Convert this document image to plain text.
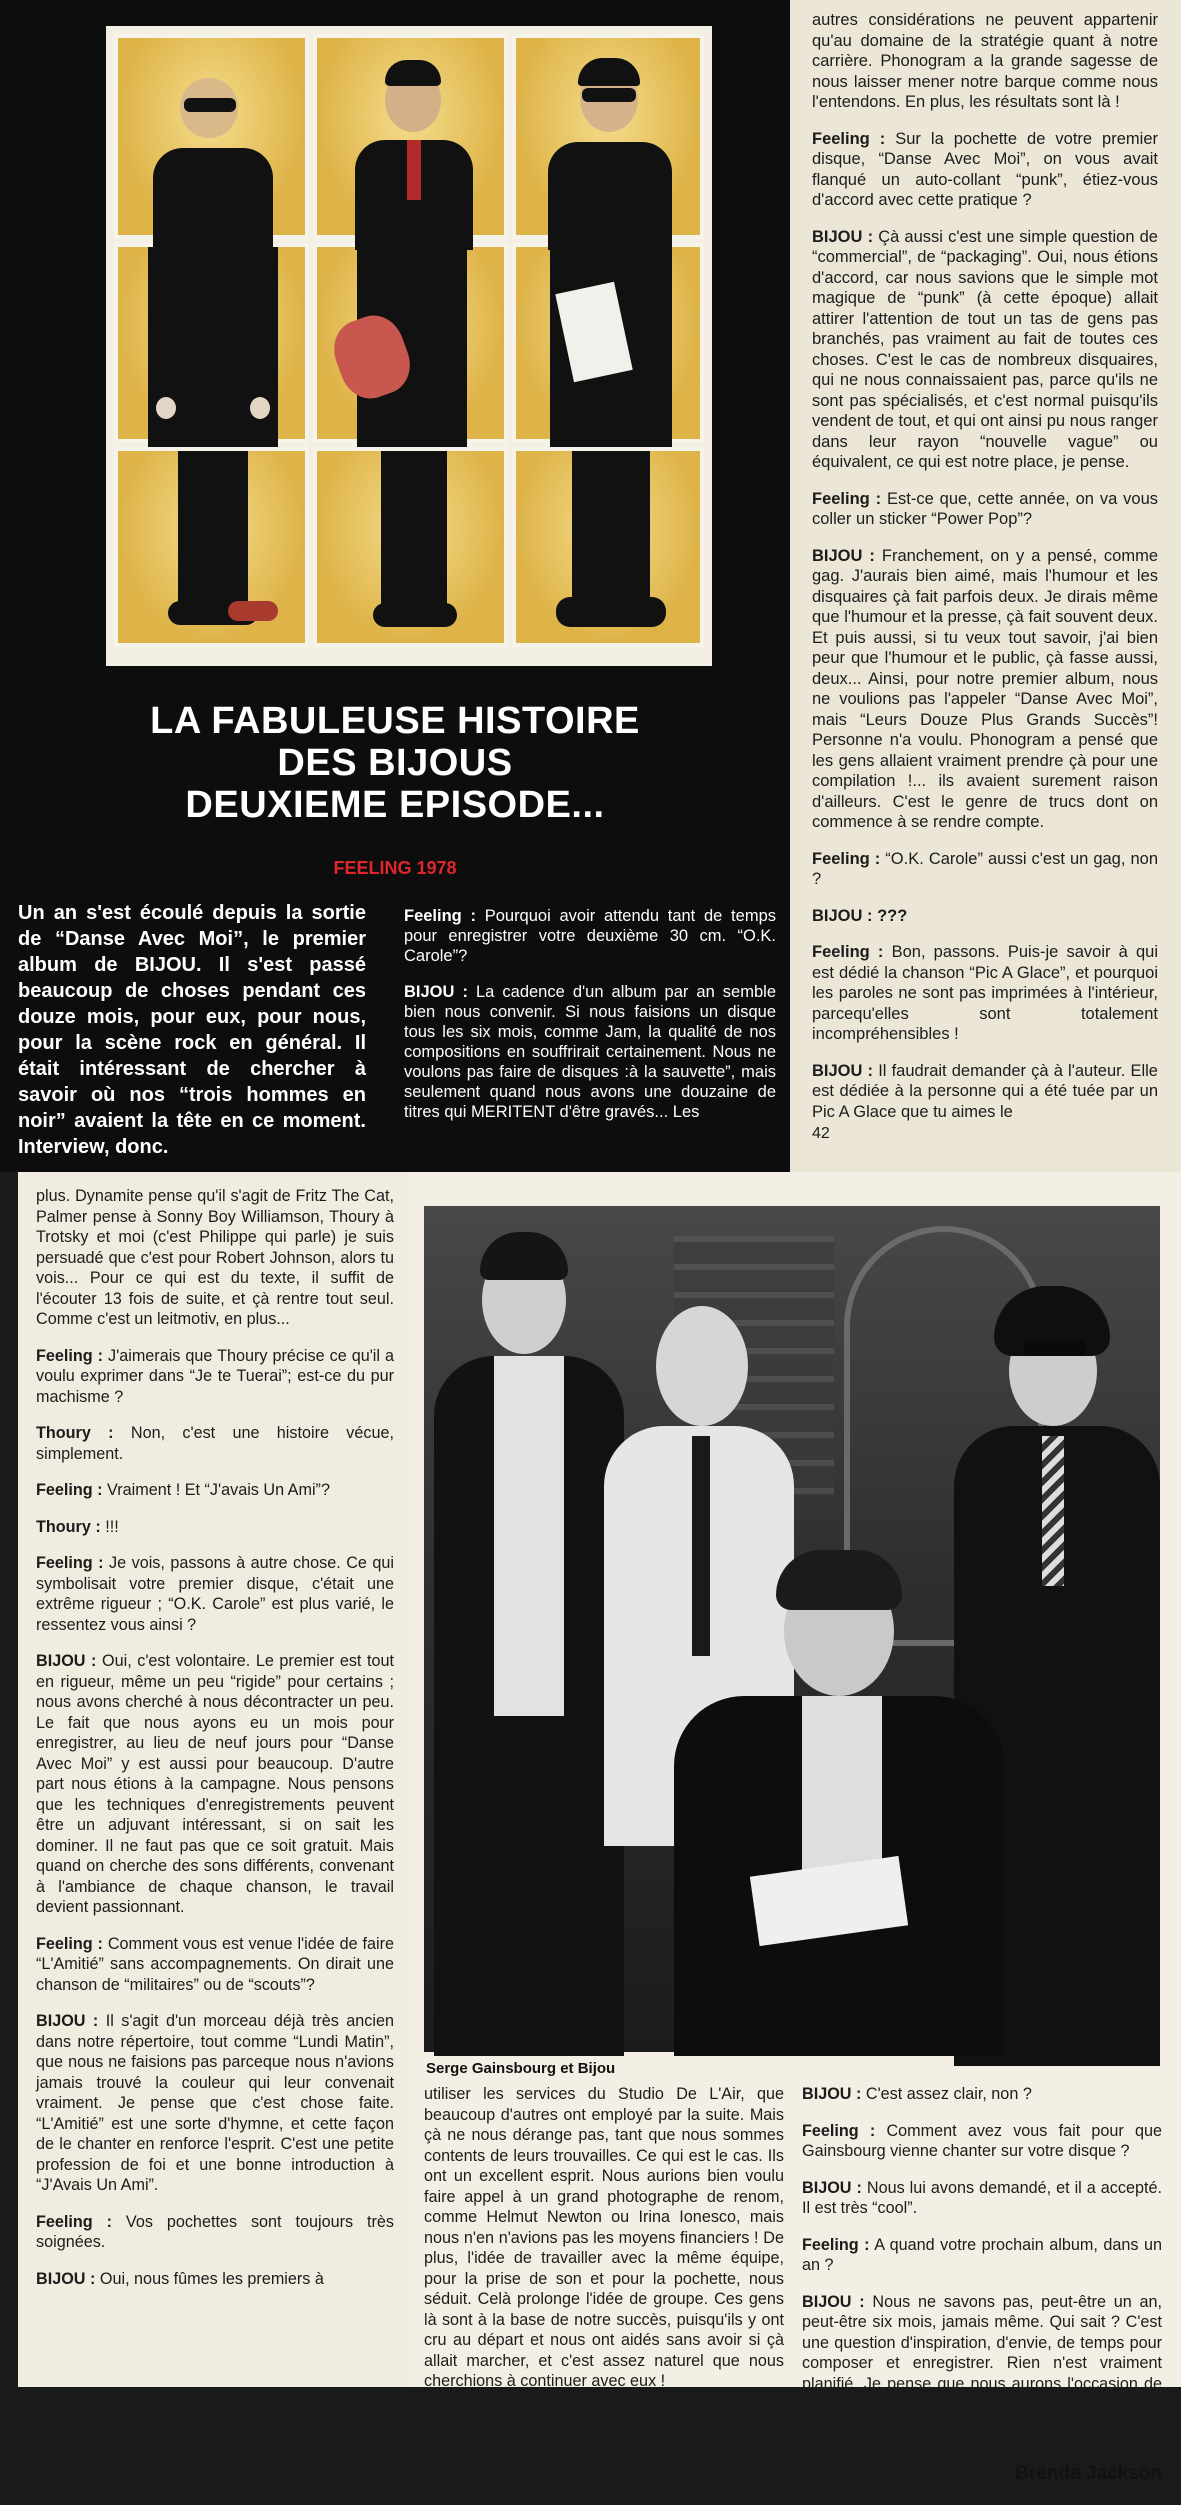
LA FABULEUSE HISTOIRE
DES BIJOUS
DEUXIEME EPISODE...
FEELING 1978
Un an s'est écoulé depuis la sortie de “Danse Avec Moi”, le premier album de BIJOU. Il s'est passé beaucoup de choses pendant ces douze mois, pour eux, pour nous, pour la scène rock en général. Il était intéressant de chercher à savoir où nos “trois hommes en noir” avaient la tête en ce moment. Interview, donc.

Feeling : Pourquoi avoir attendu tant de temps pour enregistrer votre deuxième 30 cm. “O.K. Carole”?

BIJOU : La cadence d'un album par an semble bien nous convenir. Si nous faisions un disque tous les six mois, comme Jam, la qualité de nos compositions en souffrirait certainement. Nous ne voulons pas faire de disques :à la sauvette”, mais seulement quand nous avons une douzaine de titres qui MERITENT d'être gravés... Les

autres considérations ne peuvent appartenir qu'au domaine de la stratégie quant à notre carrière. Phonogram a la grande sagesse de nous laisser mener notre barque comme nous l'entendons. En plus, les résultats sont là !

Feeling : Sur la pochette de votre premier disque, “Danse Avec Moi”, on vous avait flanqué un auto-collant “punk”, étiez-vous d'accord avec cette pratique ?

BIJOU : Çà aussi c'est une simple question de “commercial”, de “packaging”. Oui, nous étions d'accord, car nous savions que le simple mot magique de “punk” (à cette époque) allait attirer l'attention de tout un tas de gens pas branchés, pas vraiment au fait de toutes ces choses. C'est le cas de nombreux disquaires, qui ne nous connaissaient pas, parce qu'ils ne sont pas spécialisés, et c'est normal puisqu'ils vendent de tout, et qui ont ainsi pu nous ranger dans leur rayon “nouvelle vague” ou équivalent, ce qui est notre place, je pense.

Feeling : Est-ce que, cette année, on va vous coller un sticker “Power Pop”?

BIJOU : Franchement, on y a pensé, comme gag. J'aurais bien aimé, mais l'humour et les disquaires çà fait parfois deux. Je dirais même que l'humour et la presse, çà fait souvent deux. Et puis aussi, si tu veux tout savoir, j'ai bien peur que l'humour et le public, çà fasse aussi, deux... Ainsi, pour notre premier album, nous ne voulions pas l'appeler “Danse Avec Moi”, mais “Leurs Douze Plus Grands Succès”! Personne n'a voulu. Phonogram a pensé que les gens allaient vraiment prendre çà pour une compilation !... ils avaient surement raison d'ailleurs. C'est le genre de trucs dont on commence à se rendre compte.

Feeling : “O.K. Carole” aussi c'est un gag, non ?

BIJOU : ???

Feeling : Bon, passons. Puis-je savoir à qui est dédié la chanson “Pic A Glace”, et pourquoi les paroles ne sont pas imprimées à l'intérieur, parcequ'elles sont totalement incompréhensibles !

BIJOU : Il faudrait demander çà à l'auteur. Elle est dédiée à la personne qui a été tuée par un Pic A Glace que tu aimes le

42

plus. Dynamite pense qu'il s'agit de Fritz The Cat, Palmer pense à Sonny Boy Williamson, Thoury à Trotsky et moi (c'est Philippe qui parle) je suis persuadé que c'est pour Robert Johnson, alors tu vois... Pour ce qui est du texte, il suffit de l'écouter 13 fois de suite, et çà rentre tout seul. Comme c'est un leitmotiv, en plus...

Feeling : J'aimerais que Thoury précise ce qu'il a voulu exprimer dans “Je te Tuerai”; est-ce du pur machisme ?

Thoury : Non, c'est une histoire vécue, simplement.

Feeling : Vraiment ! Et “J'avais Un Ami”?

Thoury : !!!

Feeling : Je vois, passons à autre chose. Ce qui symbolisait votre premier disque, c'était une extrême rigueur ; “O.K. Carole” est plus varié, le ressentez vous ainsi ?

BIJOU : Oui, c'est volontaire. Le premier est tout en rigueur, même un peu “rigide” pour certains ; nous avons cherché à nous décontracter un peu. Le fait que nous ayons eu un mois pour enregistrer, au lieu de neuf jours pour “Danse Avec Moi” y est aussi pour beaucoup. D'autre part nous étions à la campagne. Nous pensons que les techniques d'enregistrements peuvent être un adjuvant intéressant, si on sait les dominer. Il ne faut pas que ce soit gratuit. Mais quand on cherche des sons différents, convenant à l'ambiance de chaque chanson, le travail devient passionnant.

Feeling : Comment vous est venue l'idée de faire “L'Amitié” sans accompagnements. On dirait une chanson de “militaires” ou de “scouts”?

BIJOU : Il s'agit d'un morceau déjà très ancien dans notre répertoire, tout comme “Lundi Matin”, que nous ne faisions pas parceque nous n'avions jamais trouvé la couleur qui leur convenait vraiment. Je pense que c'est chose faite. “L'Amitié” est une sorte d'hymne, et cette façon de le chanter en renforce l'esprit. C'est une petite profession de foi et une bonne introduction à “J'Avais Un Ami”.

Feeling : Vos pochettes sont toujours très soignées.

BIJOU : Oui, nous fûmes les premiers à

Serge Gainsbourg et Bijou

utiliser les services du Studio De L'Air, que beaucoup d'autres ont employé par la suite. Mais çà ne nous dérange pas, tant que nous sommes contents de leurs trouvailles. Ce qui est le cas. Ils ont un excellent esprit. Nous aurions bien voulu faire appel à un grand photographe de renom, comme Helmut Newton ou Irina Ionesco, mais nous n'en n'avions pas les moyens financiers ! De plus, l'idée de travailler avec la même équipe, pour la prise de son et pour la pochette, nous séduit. Celà prolonge l'idée de groupe. Ces gens là sont à la base de notre succès, puisqu'ils y ont cru au départ et nous ont aidés sans avoir si çà allait marcher, et c'est assez naturel que nous cherchions à continuer avec eux !

Feeling : Que signifie la petite phrase “Toutes Les Filles S'appellent Carole” qui figure à l'intérieur de la pochette ?

BIJOU : C'est assez clair, non ?

Feeling : Comment avez vous fait pour que Gainsbourg vienne chanter sur votre disque ?

BIJOU : Nous lui avons demandé, et il a accepté. Il est très “cool”.

Feeling : A quand votre prochain album, dans un an ?

BIJOU : Nous ne savons pas, peut-être un an, peut-être six mois, jamais même. Qui sait ? C'est une question d'inspiration, d'envie, de temps pour composer et enregistrer. Rien n'est vraiment planifié. Je pense que nous aurons l'occasion de faire quelques 45 tours avant. Nous aimons beaucoup les 45 tours !

Propos recueillis par
Brenda Jackson
43
